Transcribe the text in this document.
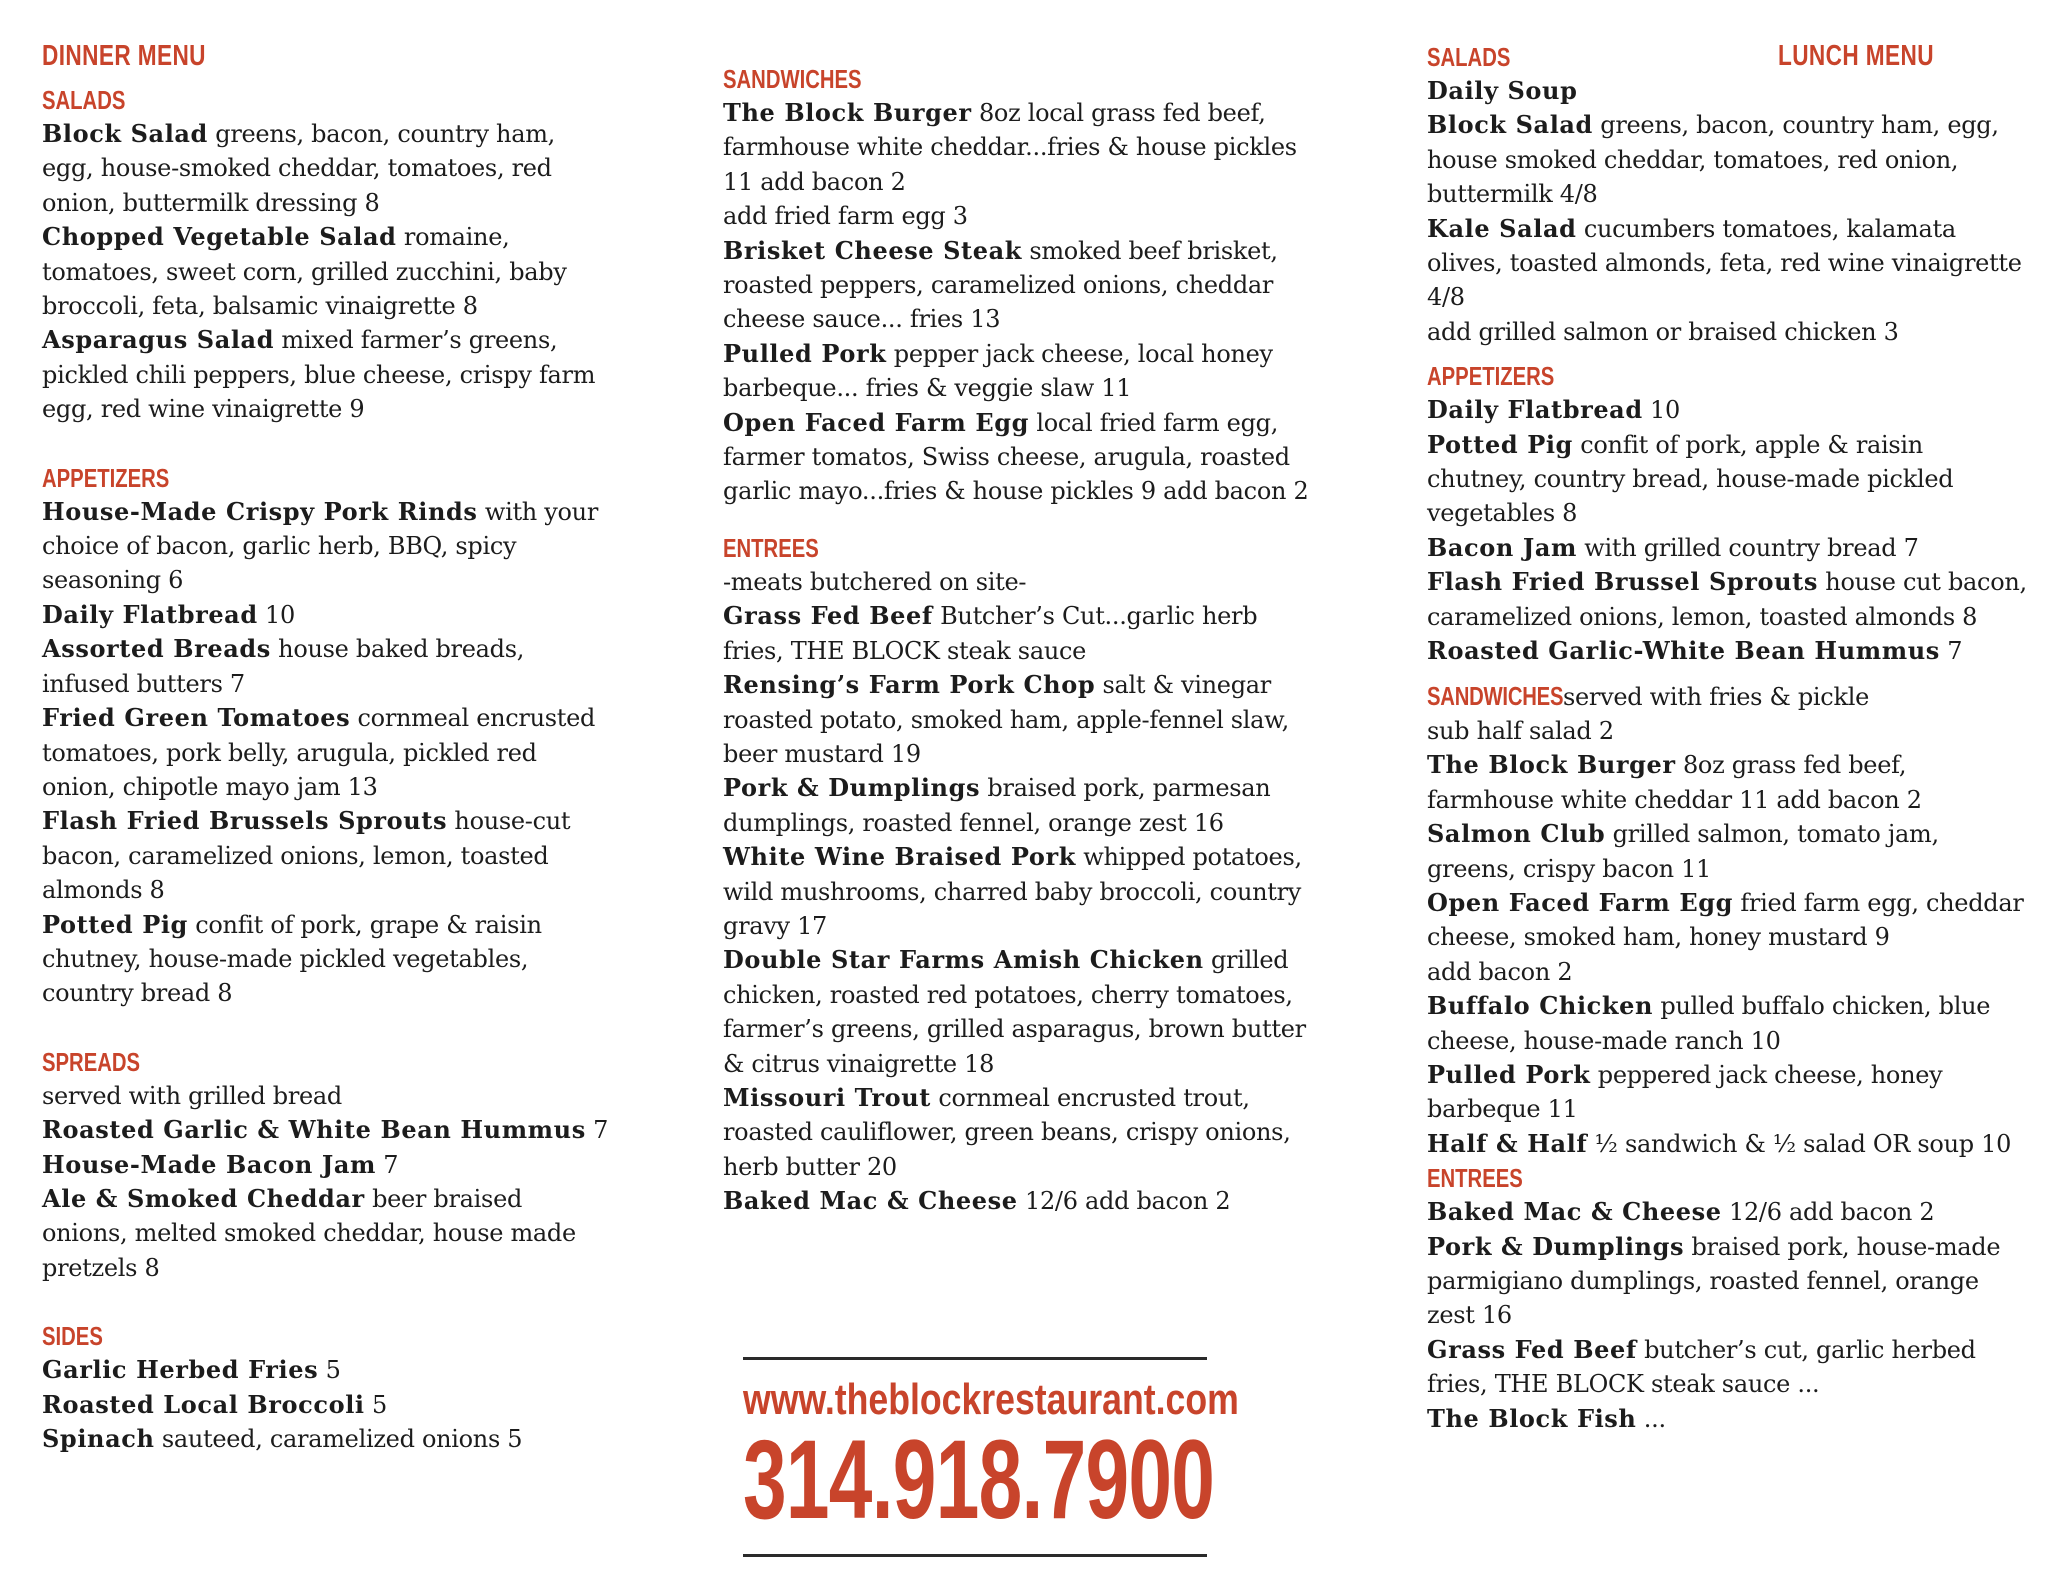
DINNER MENU
SALADS
Block Salad greens, bacon, country ham, egg, house-smoked cheddar, tomatoes, red onion, buttermilk dressing 8
Chopped Vegetable Salad romaine, tomatoes, sweet corn, grilled zucchini, baby broccoli, feta, balsamic vinaigrette 8
Asparagus Salad mixed farmer’s greens, pickled chili peppers, blue cheese, crispy farm egg, red wine vinaigrette 9
APPETIZERS
House-Made Crispy Pork Rinds with your choice of bacon, garlic herb, BBQ, spicy seasoning 6
Daily Flatbread 10
Assorted Breads house baked breads, infused butters 7
Fried Green Tomatoes cornmeal encrusted tomatoes, pork belly, arugula, pickled red onion, chipotle mayo jam 13
Flash Fried Brussels Sprouts house-cut bacon, caramelized onions, lemon, toasted almonds 8
Potted Pig confit of pork, grape & raisin chutney, house-made pickled vegetables, country bread 8
SPREADS
served with grilled bread
Roasted Garlic & White Bean Hummus 7
House-Made Bacon Jam 7
Ale & Smoked Cheddar beer braised onions, melted smoked cheddar, house made pretzels 8
SIDES
Garlic Herbed Fries 5
Roasted Local Broccoli 5
Spinach sauteed, caramelized onions 5
SANDWICHES
The Block Burger 8oz local grass fed beef, farmhouse white cheddar...fries & house pickles 11 add bacon 2
add fried farm egg 3
Brisket Cheese Steak smoked beef brisket, roasted peppers, caramelized onions, cheddar cheese sauce... fries 13
Pulled Pork pepper jack cheese, local honey barbeque... fries & veggie slaw 11
Open Faced Farm Egg local fried farm egg, farmer tomatos, Swiss cheese, arugula, roasted garlic mayo...fries & house pickles 9 add bacon 2
ENTREES
-meats butchered on site-
Grass Fed Beef Butcher’s Cut...garlic herb fries, THE BLOCK steak sauce
Rensing’s Farm Pork Chop salt & vinegar roasted potato, smoked ham, apple-fennel slaw, beer mustard 19
Pork & Dumplings braised pork, parmesan dumplings, roasted fennel, orange zest 16
White Wine Braised Pork whipped potatoes, wild mushrooms, charred baby broccoli, country gravy 17
Double Star Farms Amish Chicken grilled chicken, roasted red potatoes, cherry tomatoes, farmer’s greens, grilled asparagus, brown butter & citrus vinaigrette 18
Missouri Trout cornmeal encrusted trout, roasted cauliflower, green beans, crispy onions, herb butter 20
Baked Mac & Cheese 12/6 add bacon 2
www.theblockrestaurant.com
314.918.7900
LUNCH MENU
SALADS
Daily Soup
Block Salad greens, bacon, country ham, egg, house smoked cheddar, tomatoes, red onion, buttermilk 4/8
Kale Salad cucumbers tomatoes, kalamata olives, toasted almonds, feta, red wine vinaigrette 4/8
add grilled salmon or braised chicken 3
APPETIZERS
Daily Flatbread 10
Potted Pig confit of pork, apple & raisin chutney, country bread, house-made pickled vegetables 8
Bacon Jam with grilled country bread 7
Flash Fried Brussel Sprouts house cut bacon, caramelized onions, lemon, toasted almonds 8
Roasted Garlic-White Bean Hummus 7
SANDWICHESserved with fries & pickle
sub half salad 2
The Block Burger 8oz grass fed beef, farmhouse white cheddar 11 add bacon 2
Salmon Club grilled salmon, tomato jam, greens, crispy bacon 11
Open Faced Farm Egg fried farm egg, cheddar cheese, smoked ham, honey mustard 9
add bacon 2
Buffalo Chicken pulled buffalo chicken, blue cheese, house-made ranch 10
Pulled Pork peppered jack cheese, honey barbeque 11
Half & Half ½ sandwich & ½ salad OR soup 10
ENTREES
Baked Mac & Cheese 12/6 add bacon 2
Pork & Dumplings braised pork, house-made parmigiano dumplings, roasted fennel, orange zest 16
Grass Fed Beef butcher’s cut, garlic herbed fries, THE BLOCK steak sauce ...
The Block Fish ...
